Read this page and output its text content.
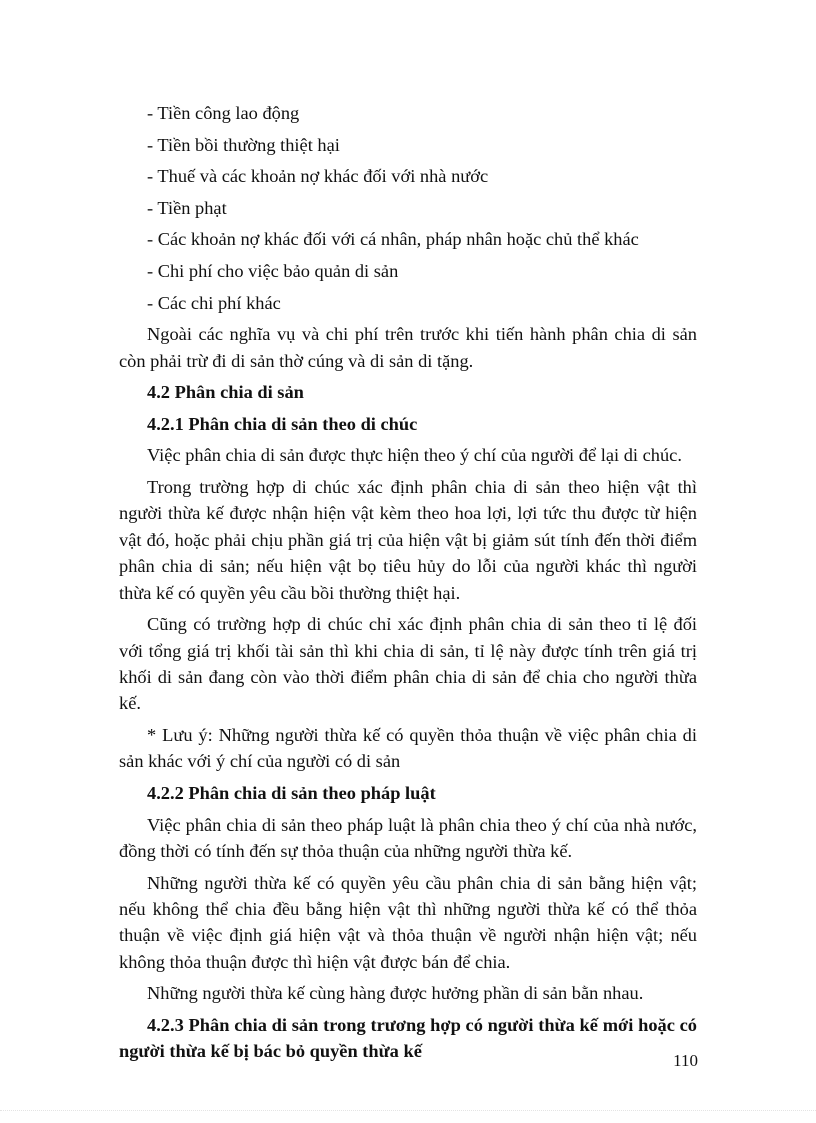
- Tiền công lao động
- Tiền bồi thường thiệt hại
- Thuế và các khoản nợ khác đối với nhà nước
- Tiền phạt
- Các khoản nợ khác đối với cá nhân, pháp nhân hoặc chủ thể khác
- Chi phí cho việc bảo quản di sản
- Các chi phí khác

Ngoài các nghĩa vụ và chi phí trên trước khi tiến hành phân chia di sản còn phải trừ đi di sản thờ cúng và di sản di tặng.

4.2 Phân chia di sản
4.2.1 Phân chia di sản theo di chúc

Việc phân chia di sản được thực hiện theo ý chí của người để lại di chúc.

Trong trường hợp di chúc xác định phân chia di sản theo hiện vật thì người thừa kế được nhận hiện vật kèm theo hoa lợi, lợi tức thu được từ hiện vật đó, hoặc phải chịu phần giá trị của hiện vật bị giảm sút tính đến thời điểm phân chia di sản; nếu hiện vật bọ tiêu hủy do lỗi của người khác thì người thừa kế có quyền yêu cầu bồi thường thiệt hại.

Cũng có trường hợp di chúc chỉ xác định phân chia di sản theo tỉ lệ đối với tổng giá trị khối tài sản thì khi chia di sản, tỉ lệ này được tính trên giá trị khối di sản đang còn vào thời điểm phân chia di sản để chia cho người thừa kế.

* Lưu ý: Những người thừa kế có quyền thỏa thuận về việc phân chia di sản khác với ý chí của người có di sản

4.2.2 Phân chia di sản theo pháp luật

Việc phân chia di sản theo pháp luật là phân chia theo ý chí của nhà nước, đồng thời có tính đến sự thỏa thuận của những người thừa kế.

Những người thừa kế có quyền yêu cầu phân chia di sản bằng hiện vật; nếu không thể chia đều bằng hiện vật thì những người thừa kế có thể thỏa thuận về việc định giá hiện vật và thỏa thuận về người nhận hiện vật; nếu không thỏa thuận được thì hiện vật được bán để chia.

Những người thừa kế cùng hàng được hưởng phần di sản bằn nhau.

4.2.3 Phân chia di sản trong trương hợp có người thừa kế mới hoặc có người thừa kế bị bác bỏ quyền thừa kế	110
